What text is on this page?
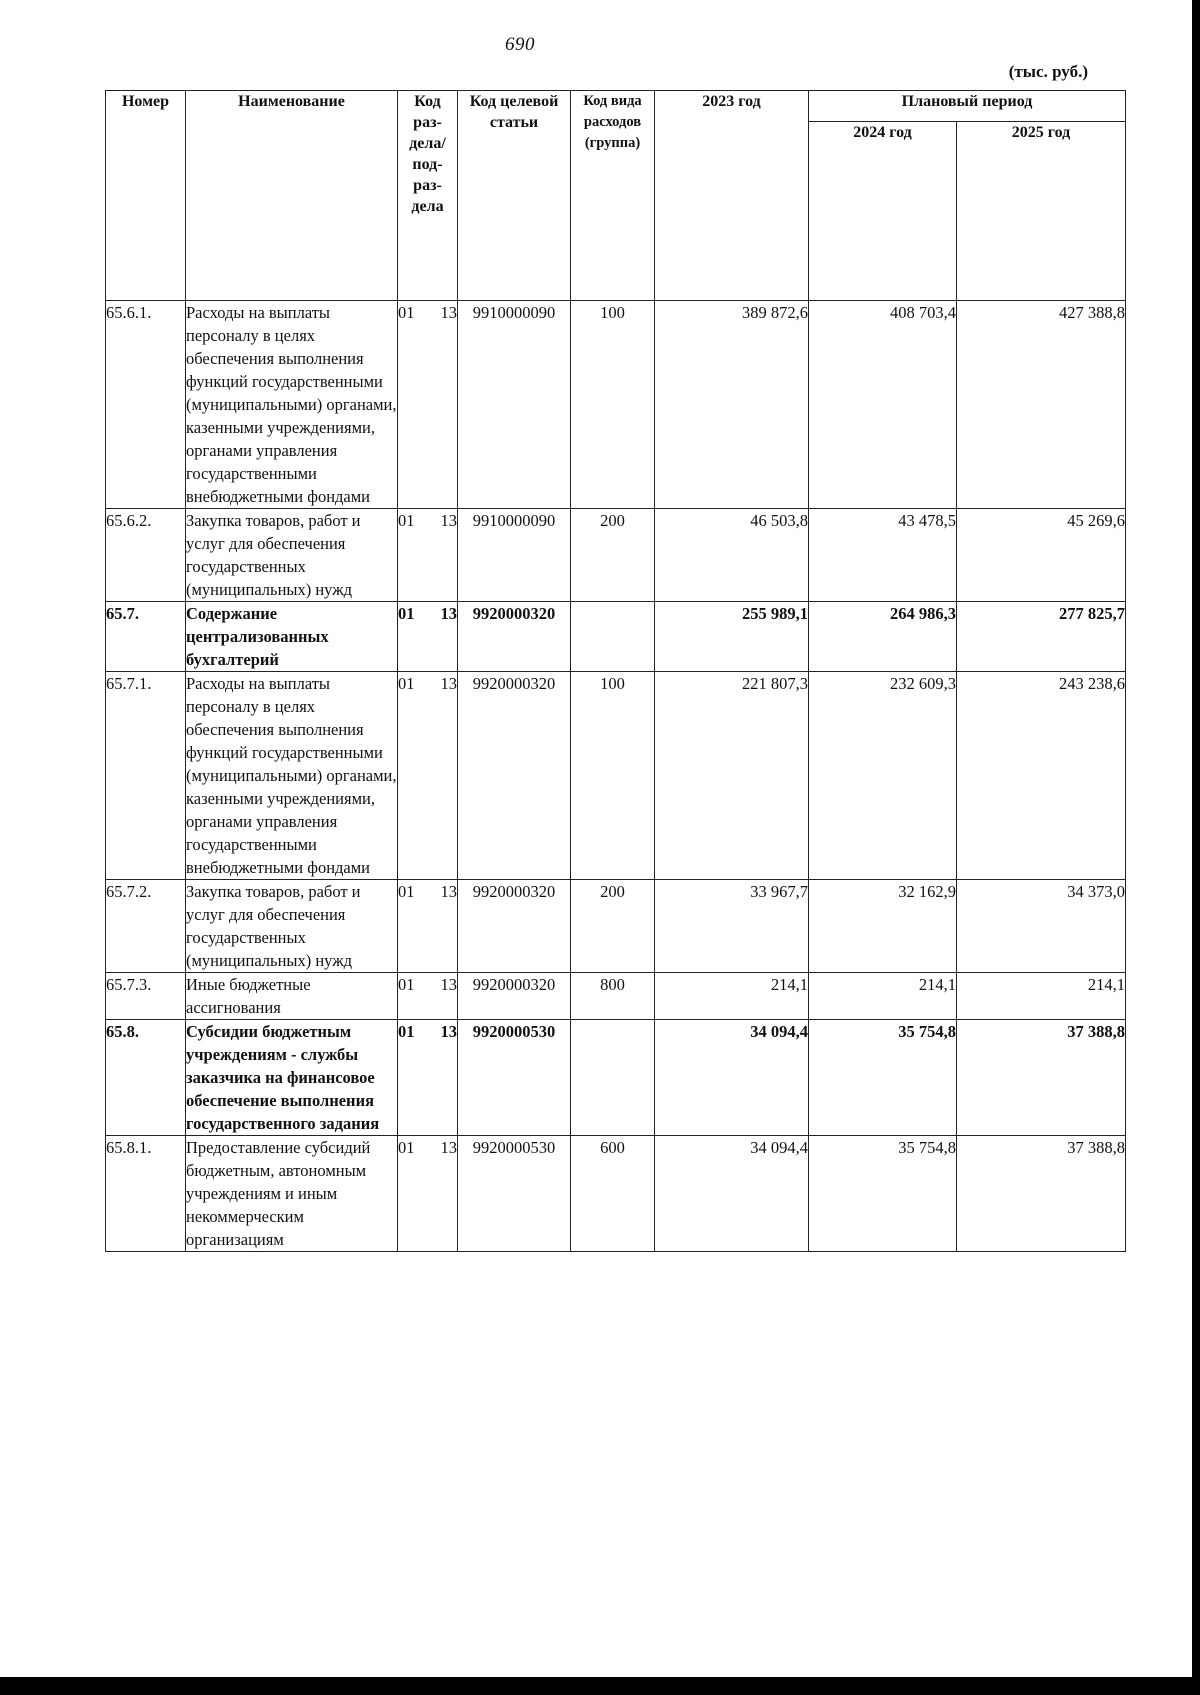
690
(тыс. руб.)
Номер	Наименование	Код раз- дела/ под- раз- дела	Код целевой статьи	Код вида расходов (группа)	2023 год	Плановый период	
						2024 год	2025 год
65.6.1.	Расходы на выплаты персоналу в целях обеспечения выполнения функций государственными (муниципальными) органами, казенными учреждениями, органами управления государственными внебюджетными фондами	01 13	9910000090	100	389 872,6	408 703,4	427 388,8
65.6.2.	Закупка товаров, работ и услуг для обеспечения государственных (муниципальных) нужд	01 13	9910000090	200	46 503,8	43 478,5	45 269,6
65.7.	Содержание централизованных бухгалтерий	01 13	9920000320		255 989,1	264 986,3	277 825,7
65.7.1.	Расходы на выплаты персоналу в целях обеспечения выполнения функций государственными (муниципальными) органами, казенными учреждениями, органами управления государственными внебюджетными фондами	01 13	9920000320	100	221 807,3	232 609,3	243 238,6
65.7.2.	Закупка товаров, работ и услуг для обеспечения государственных (муниципальных) нужд	01 13	9920000320	200	33 967,7	32 162,9	34 373,0
65.7.3.	Иные бюджетные ассигнования	01 13	9920000320	800	214,1	214,1	214,1
65.8.	Субсидии бюджетным учреждениям - службы заказчика на финансовое обеспечение выполнения государственного задания	01 13	9920000530		34 094,4	35 754,8	37 388,8
65.8.1.	Предоставление субсидий бюджетным, автономным учреждениям и иным некоммерческим организациям	01 13	9920000530	600	34 094,4	35 754,8	37 388,8
